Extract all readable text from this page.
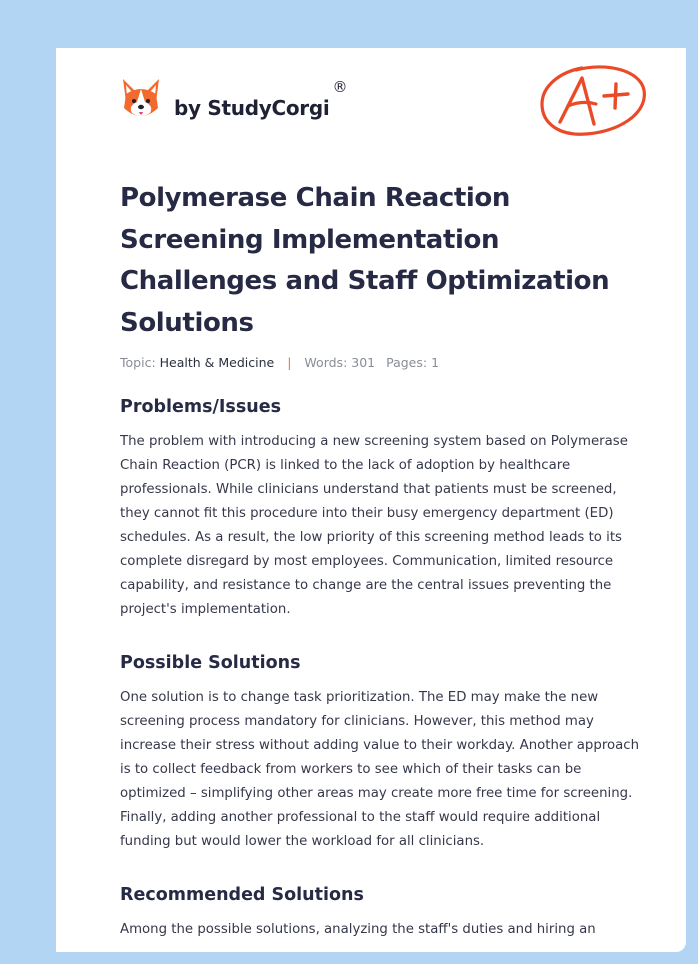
by StudyCorgi
®
Polymerase Chain Reaction Screening Implementation Challenges and Staff Optimization Solutions
Topic: Health & Medicine | Words: 301 Pages: 1
Problems/Issues

The problem with introducing a new screening system based on Polymerase Chain Reaction (PCR) is linked to the lack of adoption by healthcare professionals. While clinicians understand that patients must be screened, they cannot fit this procedure into their busy emergency department (ED) schedules. As a result, the low priority of this screening method leads to its complete disregard by most employees. Communication, limited resource capability, and resistance to change are the central issues preventing the project's implementation.

Possible Solutions

One solution is to change task prioritization. The ED may make the new screening process mandatory for clinicians. However, this method may increase their stress without adding value to their workday. Another approach is to collect feedback from workers to see which of their tasks can be optimized – simplifying other areas may create more free time for screening. Finally, adding another professional to the staff would require additional funding but would lower the workload for all clinicians.

Recommended Solutions

Among the possible solutions, analyzing the staff's duties and hiring an
